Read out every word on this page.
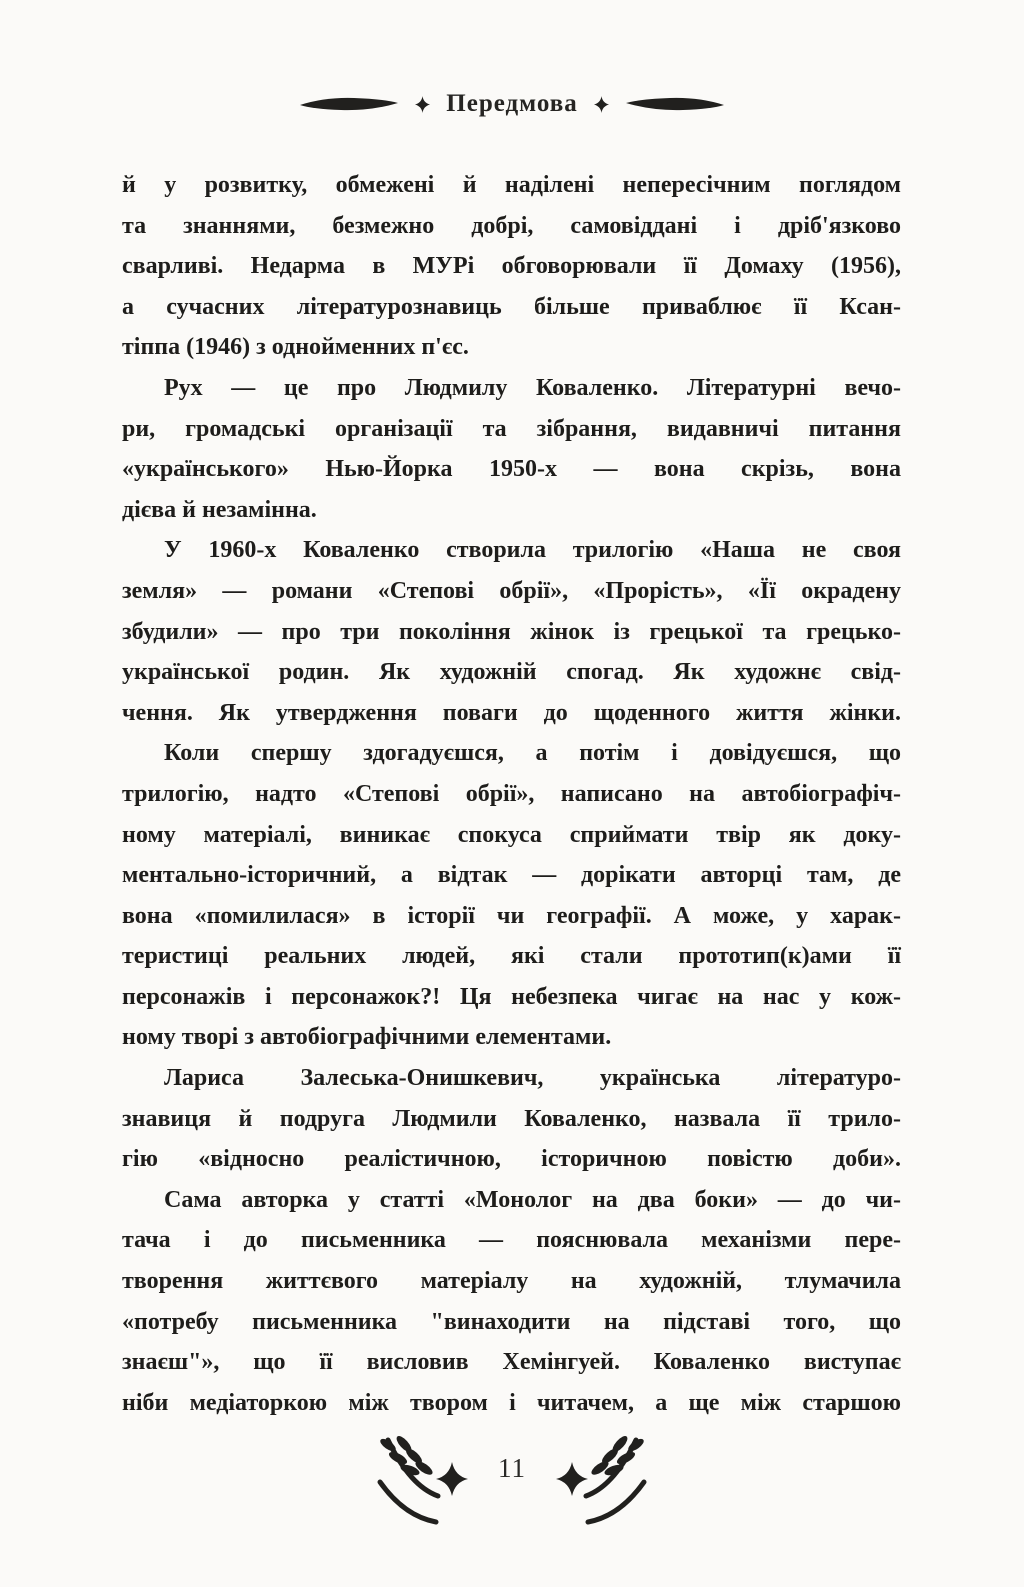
Передмова
й у розвитку, обмежені й наділені непересічним поглядом
та знаннями, безмежно добрі, самовіддані і дріб'язково
сварливі. Недарма в МУРі обговорювали її Домаху (1956),
а сучасних літературознавиць більше приваблює її Ксан-
тіппа (1946) з однойменних п'єс.
Рух — це про Людмилу Коваленко. Літературні вечо-
ри, громадські організації та зібрання, видавничі питання
«українського» Нью-Йорка 1950-х — вона скрізь, вона
дієва й незамінна.
У 1960-х Коваленко створила трилогію «Наша не своя
земля» — романи «Степові обрії», «Прорість», «Її окрадену
збудили» — про три покоління жінок із грецької та грецько-
української родин. Як художній спогад. Як художнє свід-
чення. Як утвердження поваги до щоденного життя жінки.
Коли спершу здогадуєшся, а потім і довідуєшся, що
трилогію, надто «Степові обрії», написано на автобіографіч-
ному матеріалі, виникає спокуса сприймати твір як доку-
ментально-історичний, а відтак — дорікати авторці там, де
вона «помилилася» в історії чи географії. А може, у харак-
теристиці реальних людей, які стали прототип(к)ами її
персонажів і персонажок?! Ця небезпека чигає на нас у кож-
ному творі з автобіографічними елементами.
Лариса Залеська-Онишкевич, українська літературо-
знавиця й подруга Людмили Коваленко, назвала її трило-
гію «відносно реалістичною, історичною повістю доби».
Сама авторка у статті «Монолог на два боки» — до чи-
тача і до письменника — пояснювала механізми пере-
творення життєвого матеріалу на художній, тлумачила
«потребу письменника "винаходити на підставі того, що
знаєш"», що її висловив Хемінгуей. Коваленко виступає
ніби медіаторкою між твором і читачем, а ще між старшою
11
